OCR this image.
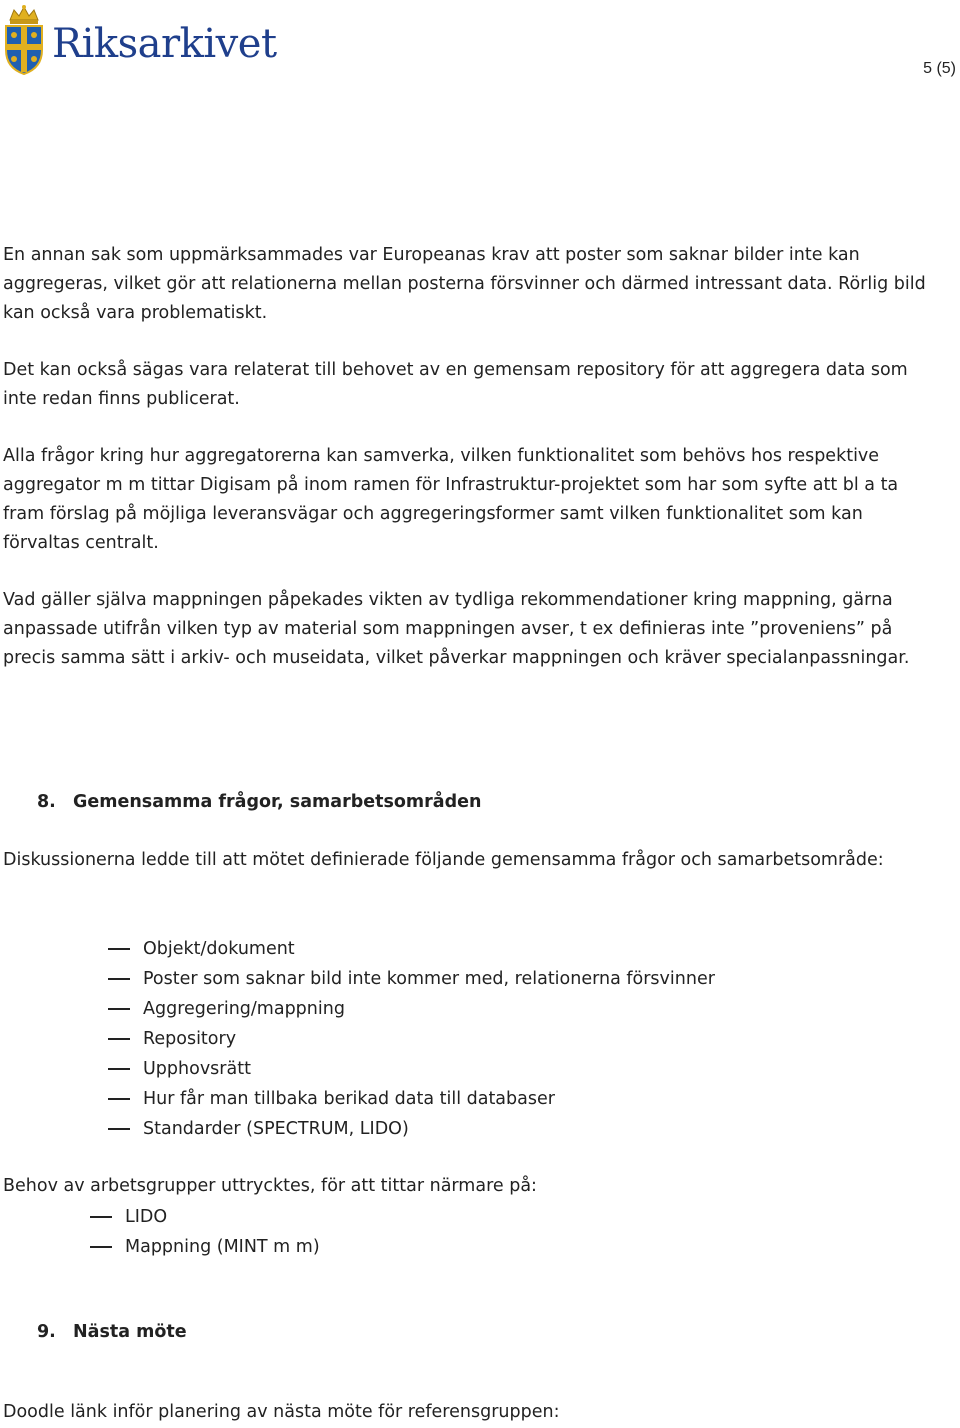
Riksarkivet
5 (5)

En annan sak som uppmärksammades var Europeanas krav att poster som saknar bilder inte kan aggregeras, vilket gör att relationerna mellan posterna försvinner och därmed intressant data. Rörlig bild kan också vara problematiskt.

Det kan också sägas vara relaterat till behovet av en gemensam repository för att aggregera data som inte redan finns publicerat.

Alla frågor kring hur aggregatorerna kan samverka, vilken funktionalitet som behövs hos respektive aggregator m m tittar Digisam på inom ramen för Infrastruktur-projektet som har som syfte att bl a ta fram förslag på möjliga leveransvägar och aggregeringsformer samt vilken funktionalitet som kan förvaltas centralt.

Vad gäller själva mappningen påpekades vikten av tydliga rekommendationer kring mappning, gärna anpassade utifrån vilken typ av material som mappningen avser, t ex definieras inte ”proveniens” på precis samma sätt i arkiv- och museidata, vilket påverkar mappningen och kräver specialanpassningar.

8. Gemensamma frågor, samarbetsområden

Diskussionerna ledde till att mötet definierade följande gemensamma frågor och samarbetsområde:

Objekt/dokument
Poster som saknar bild inte kommer med, relationerna försvinner
Aggregering/mappning
Repository
Upphovsrätt
Hur får man tillbaka berikad data till databaser
Standarder (SPECTRUM, LIDO)

Behov av arbetsgrupper uttrycktes, för att tittar närmare på:

LIDO
Mappning (MINT m m)
9. Nästa möte

Doodle länk inför planering av nästa möte för referensgruppen:
